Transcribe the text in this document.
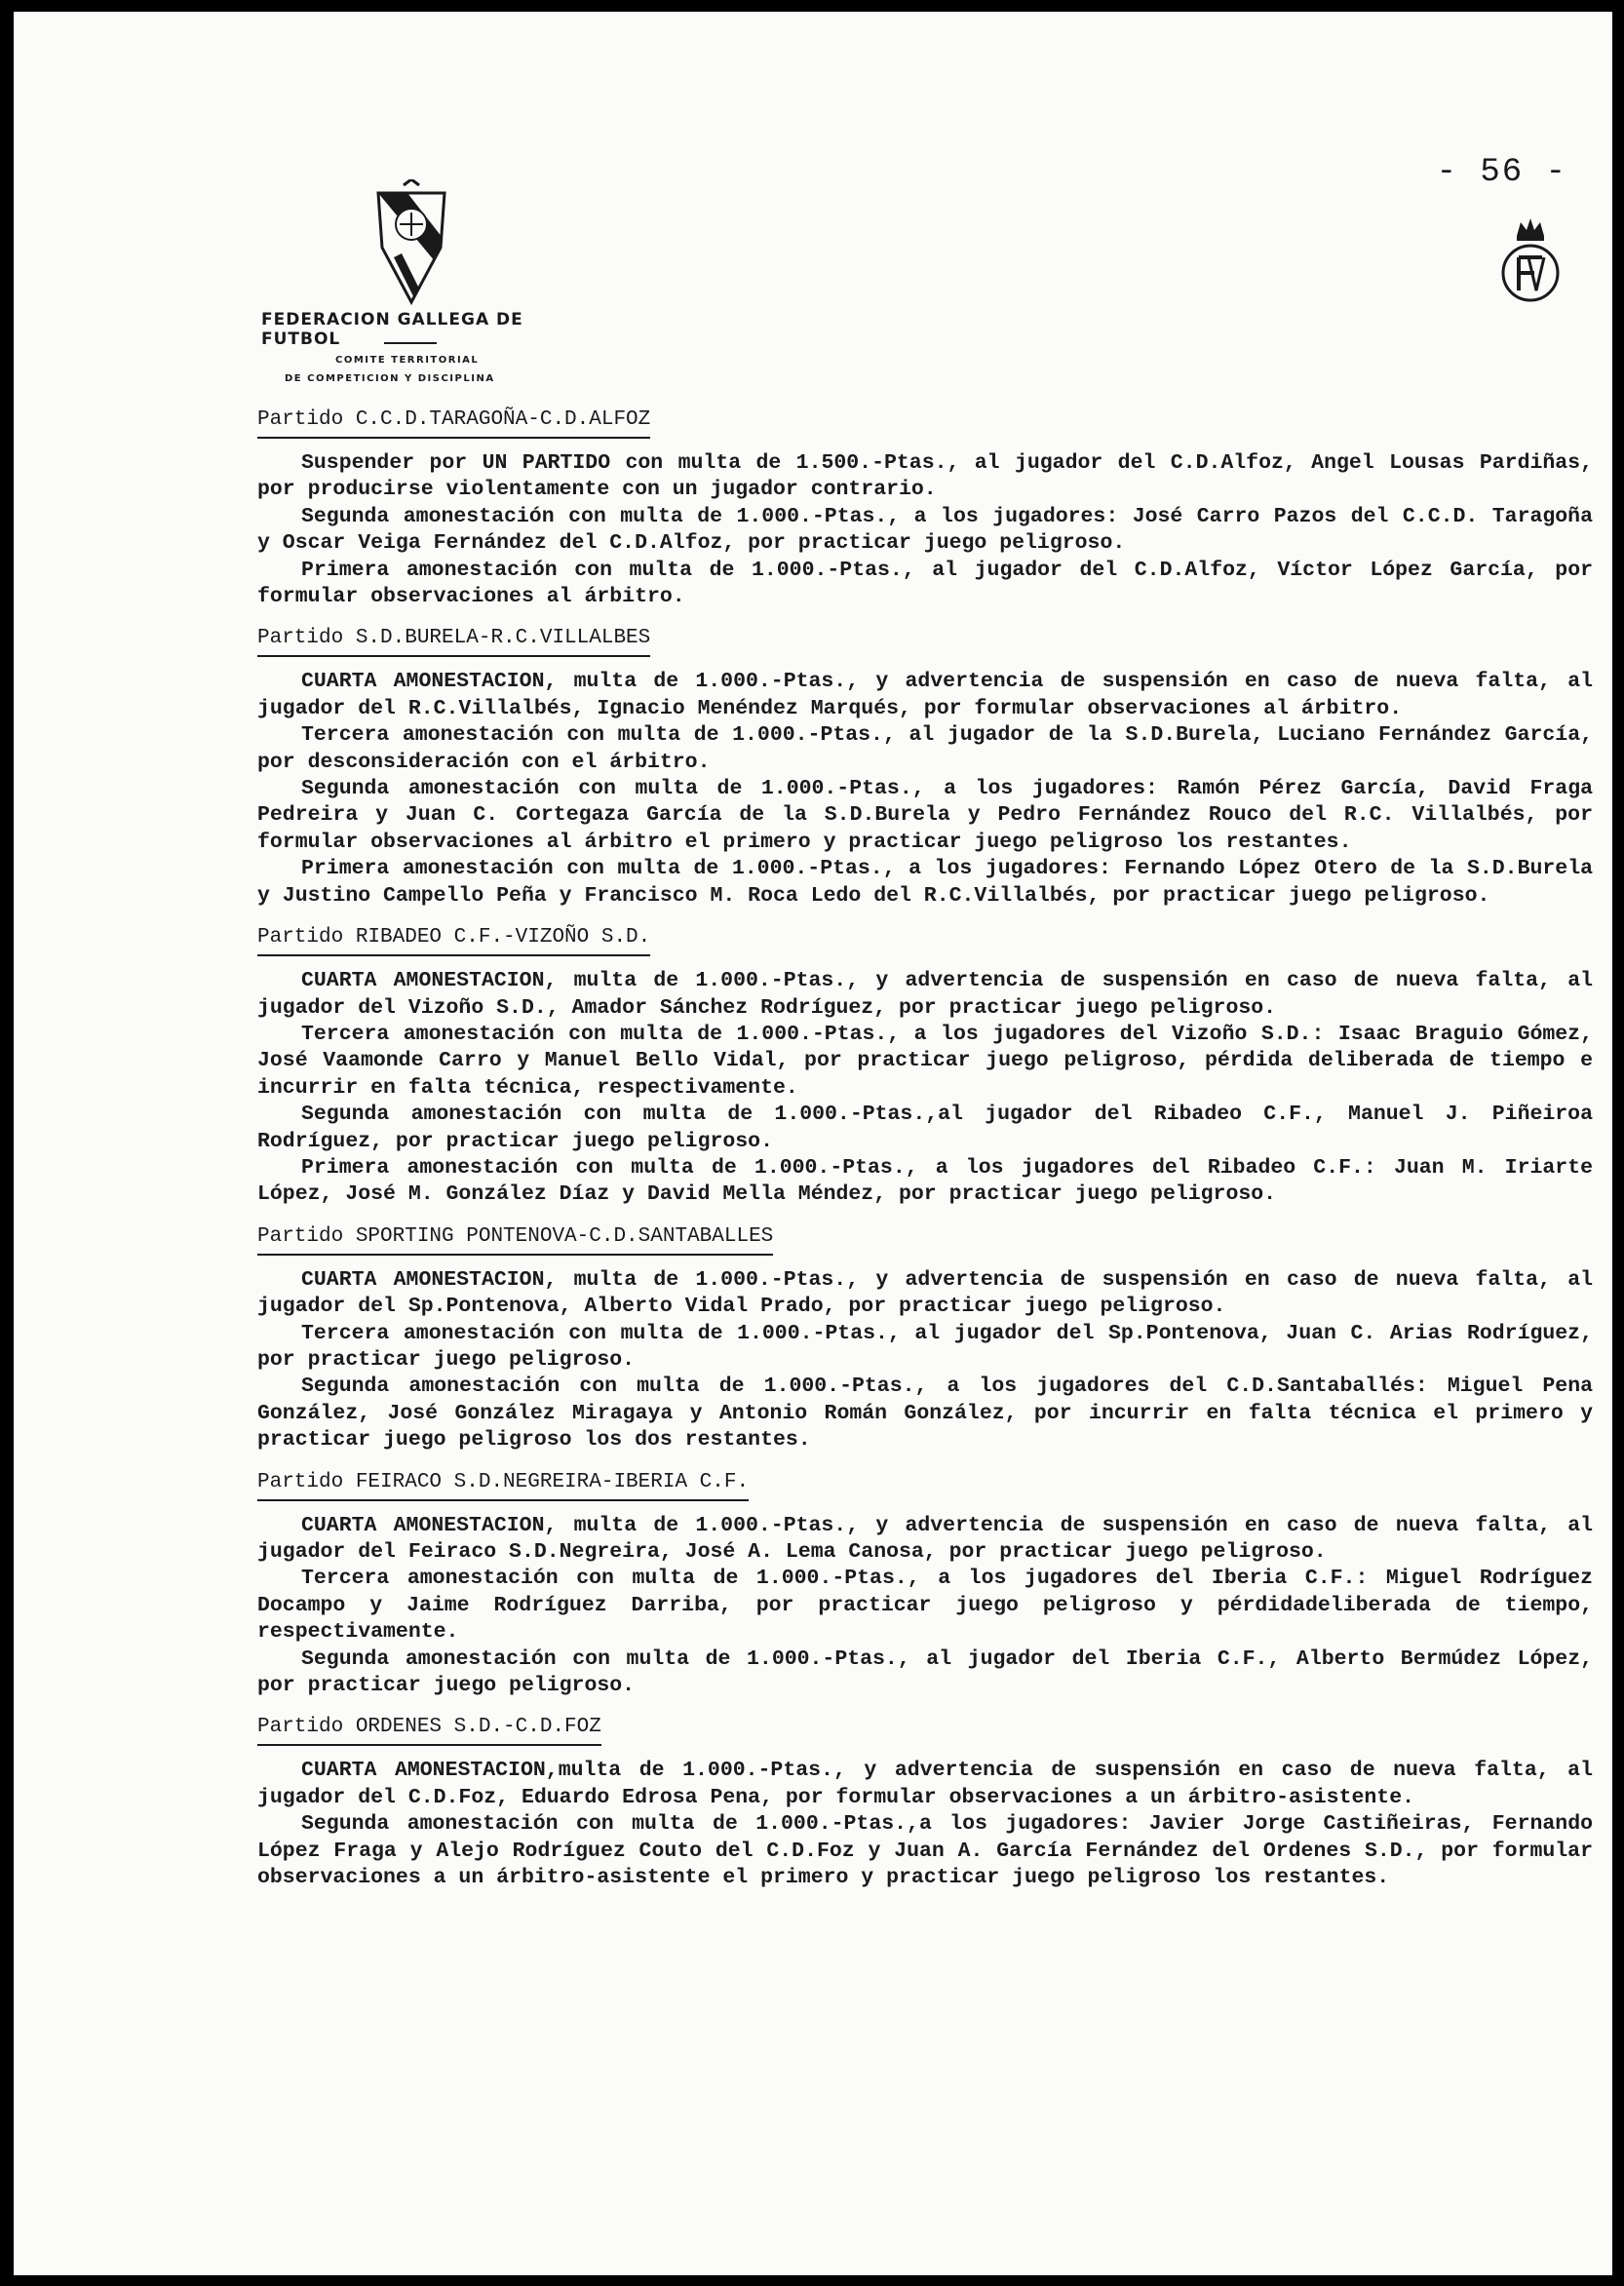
- 56 -
FEDERACION GALLEGA DE FUTBOL
COMITE TERRITORIAL
DE COMPETICION Y DISCIPLINA
Partido C.C.D.TARAGOÑA-C.D.ALFOZ

Suspender por UN PARTIDO con multa de 1.500.-Ptas., al jugador del C.D.Alfoz, Angel Lousas Pardiñas, por producirse violentamente con un jugador contrario.

Segunda amonestación con multa de 1.000.-Ptas., a los jugadores: José Carro Pazos del C.C.D. Taragoña y Oscar Veiga Fernández del C.D.Alfoz, por practicar juego peligroso.

Primera amonestación con multa de 1.000.-Ptas., al jugador del C.D.Alfoz, Víctor López García, por formular observaciones al árbitro.

Partido S.D.BURELA-R.C.VILLALBES

CUARTA AMONESTACION, multa de 1.000.-Ptas., y advertencia de suspensión en caso de nueva falta, al jugador del R.C.Villalbés, Ignacio Menéndez Marqués, por formular observaciones al árbitro.

Tercera amonestación con multa de 1.000.-Ptas., al jugador de la S.D.Burela, Luciano Fernández García, por desconsideración con el árbitro.

Segunda amonestación con multa de 1.000.-Ptas., a los jugadores: Ramón Pérez García, David Fraga Pedreira y Juan C. Cortegaza García de la S.D.Burela y Pedro Fernández Rouco del R.C. Villalbés, por formular observaciones al árbitro el primero y practicar juego peligroso los restantes.

Primera amonestación con multa de 1.000.-Ptas., a los jugadores: Fernando López Otero de la S.D.Burela y Justino Campello Peña y Francisco M. Roca Ledo del R.C.Villalbés, por practicar juego peligroso.

Partido RIBADEO C.F.-VIZOÑO S.D.

CUARTA AMONESTACION, multa de 1.000.-Ptas., y advertencia de suspensión en caso de nueva falta, al jugador del Vizoño S.D., Amador Sánchez Rodríguez, por practicar juego peligroso.

Tercera amonestación con multa de 1.000.-Ptas., a los jugadores del Vizoño S.D.: Isaac Braguio Gómez, José Vaamonde Carro y Manuel Bello Vidal, por practicar juego peligroso, pérdida deliberada de tiempo e incurrir en falta técnica, respectivamente.

Segunda amonestación con multa de 1.000.-Ptas.,al jugador del Ribadeo C.F., Manuel J. Piñeiroa Rodríguez, por practicar juego peligroso.

Primera amonestación con multa de 1.000.-Ptas., a los jugadores del Ribadeo C.F.: Juan M. Iriarte López, José M. González Díaz y David Mella Méndez, por practicar juego peligroso.

Partido SPORTING PONTENOVA-C.D.SANTABALLES

CUARTA AMONESTACION, multa de 1.000.-Ptas., y advertencia de suspensión en caso de nueva falta, al jugador del Sp.Pontenova, Alberto Vidal Prado, por practicar juego peligroso.

Tercera amonestación con multa de 1.000.-Ptas., al jugador del Sp.Pontenova, Juan C. Arias Rodríguez, por practicar juego peligroso.

Segunda amonestación con multa de 1.000.-Ptas., a los jugadores del C.D.Santaballés: Miguel Pena González, José González Miragaya y Antonio Román González, por incurrir en falta técnica el primero y practicar juego peligroso los dos restantes.

Partido FEIRACO S.D.NEGREIRA-IBERIA C.F.

CUARTA AMONESTACION, multa de 1.000.-Ptas., y advertencia de suspensión en caso de nueva falta, al jugador del Feiraco S.D.Negreira, José A. Lema Canosa, por practicar juego peligroso.

Tercera amonestación con multa de 1.000.-Ptas., a los jugadores del Iberia C.F.: Miguel Rodríguez Docampo y Jaime Rodríguez Darriba, por practicar juego peligroso y pérdidadeliberada de tiempo, respectivamente.

Segunda amonestación con multa de 1.000.-Ptas., al jugador del Iberia C.F., Alberto Bermúdez López, por practicar juego peligroso.

Partido ORDENES S.D.-C.D.FOZ

CUARTA AMONESTACION,multa de 1.000.-Ptas., y advertencia de suspensión en caso de nueva falta, al jugador del C.D.Foz, Eduardo Edrosa Pena, por formular observaciones a un árbitro-asistente.

Segunda amonestación con multa de 1.000.-Ptas.,a los jugadores: Javier Jorge Castiñeiras, Fernando López Fraga y Alejo Rodríguez Couto del C.D.Foz y Juan A. García Fernández del Ordenes S.D., por formular observaciones a un árbitro-asistente el primero y practicar juego peligroso los restantes.
